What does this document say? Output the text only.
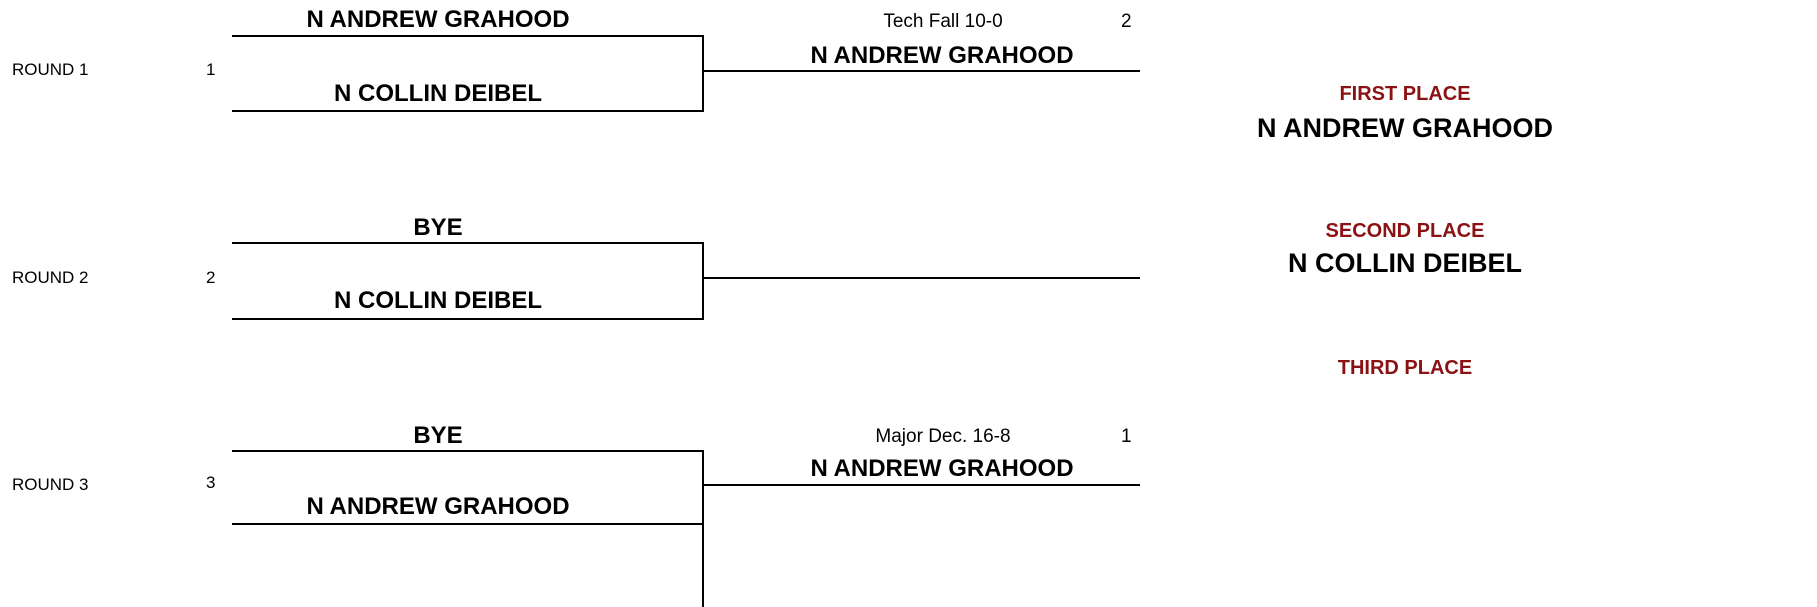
ROUND 1	1
N ANDREW GRAHOOD
N COLLIN DEIBEL
Tech Fall 10-0	2
N ANDREW GRAHOOD
ROUND 2	2
BYE
N COLLIN DEIBEL
ROUND 3	3
BYE
N ANDREW GRAHOOD
Major Dec. 16-8	1
N ANDREW GRAHOOD
FIRST PLACE
N ANDREW GRAHOOD
SECOND PLACE
N COLLIN DEIBEL
THIRD PLACE
